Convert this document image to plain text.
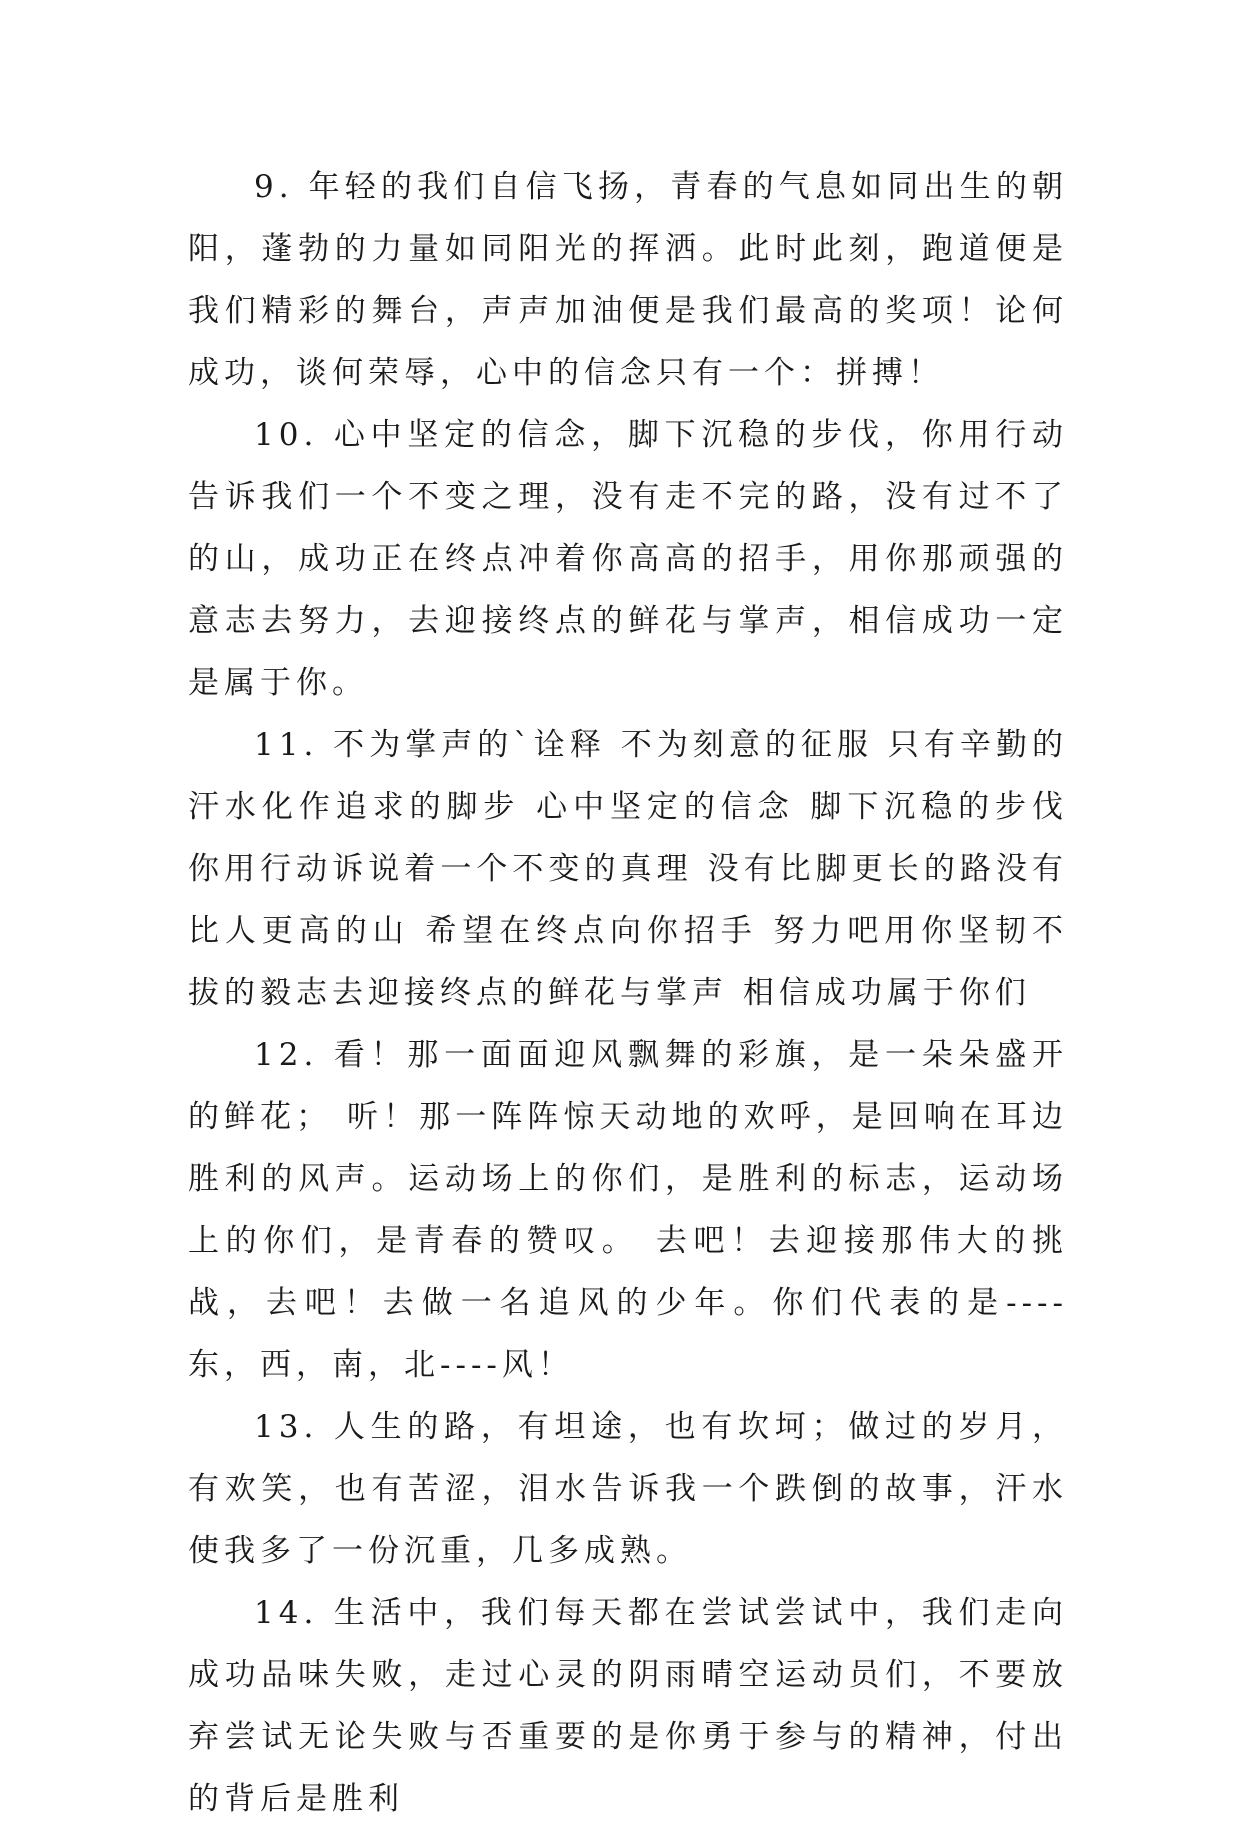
9. 年轻的我们自信飞扬，青春的气息如同出生的朝阳，蓬勃的力量如同阳光的挥洒。此时此刻，跑道便是我们精彩的舞台，声声加油便是我们最高的奖项！论何成功，谈何荣辱，心中的信念只有一个：拼搏！

10. 心中坚定的信念，脚下沉稳的步伐，你用行动告诉我们一个不变之理，没有走不完的路，没有过不了的山，成功正在终点冲着你高高的招手，用你那顽强的意志去努力，去迎接终点的鲜花与掌声，相信成功一定是属于你。

11. 不为掌声的`诠释 不为刻意的征服 只有辛勤的汗水化作追求的脚步 心中坚定的信念 脚下沉稳的步伐 你用行动诉说着一个不变的真理 没有比脚更长的路没有比人更高的山 希望在终点向你招手 努力吧用你坚韧不拔的毅志去迎接终点的鲜花与掌声 相信成功属于你们

12. 看！那一面面迎风飘舞的彩旗，是一朵朵盛开的鲜花； 听！那一阵阵惊天动地的欢呼，是回响在耳边胜利的风声。运动场上的你们，是胜利的标志，运动场上的你们，是青春的赞叹。 去吧！去迎接那伟大的挑战，去吧！去做一名追风的少年。你们代表的是----东，西，南，北----风！

13. 人生的路，有坦途，也有坎坷；做过的岁月，有欢笑，也有苦涩，泪水告诉我一个跌倒的故事，汗水使我多了一份沉重，几多成熟。

14. 生活中，我们每天都在尝试尝试中，我们走向成功品味失败，走过心灵的阴雨晴空运动员们，不要放弃尝试无论失败与否重要的是你勇于参与的精神，付出的背后是胜利
